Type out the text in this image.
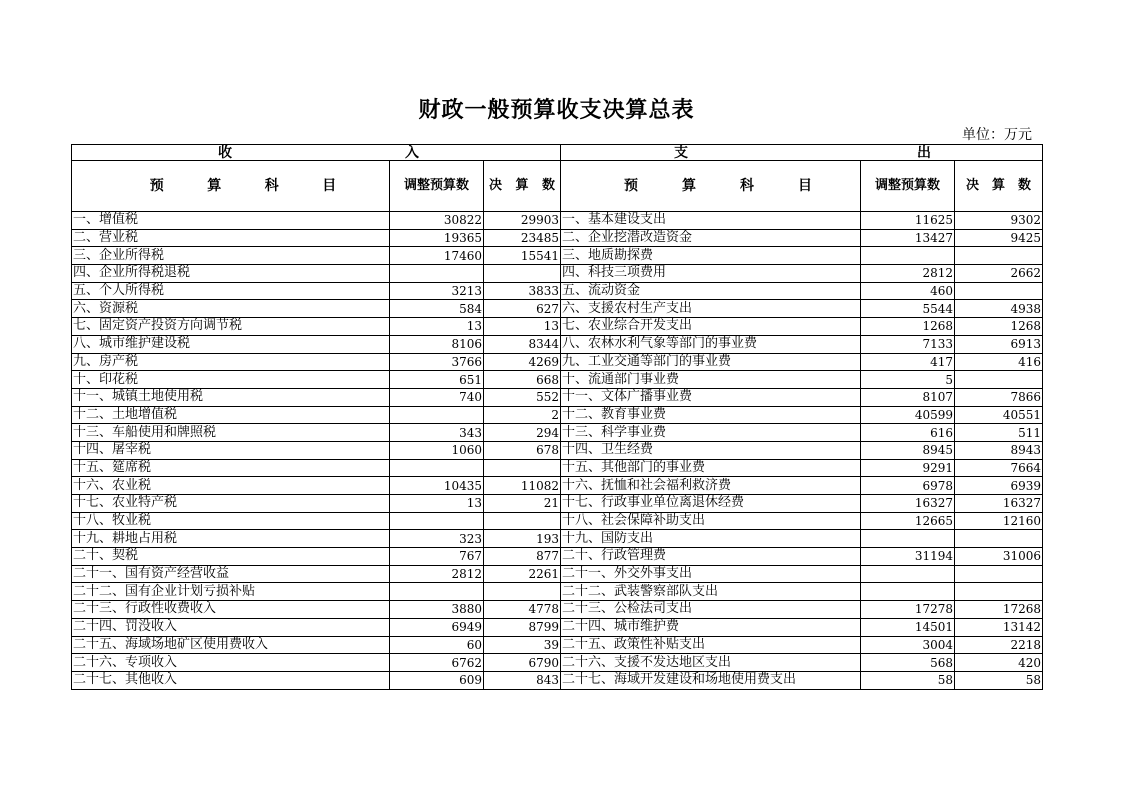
财政一般预算收支决算总表
单位：万元
收 入			支 出		

预 算 科 目	调整预算数	决 算 数	预 算 科 目	调整预算数	决 算 数

一、增值税	30822	29903	一、基本建设支出	11625	9302
二、营业税	19365	23485	二、企业挖潜改造资金	13427	9425
三、企业所得税	17460	15541	三、地质勘探费		
四、企业所得税退税			四、科技三项费用	2812	2662
五、个人所得税	3213	3833	五、流动资金	460	
六、资源税	584	627	六、支援农村生产支出	5544	4938
七、固定资产投资方向调节税	13	13	七、农业综合开发支出	1268	1268
八、城市维护建设税	8106	8344	八、农林水利气象等部门的事业费	7133	6913
九、房产税	3766	4269	九、工业交通等部门的事业费	417	416
十、印花税	651	668	十、流通部门事业费	5	
十一、城镇土地使用税	740	552	十一、文体广播事业费	8107	7866
十二、土地增值税		2	十二、教育事业费	40599	40551
十三、车船使用和牌照税	343	294	十三、科学事业费	616	511
十四、屠宰税	1060	678	十四、卫生经费	8945	8943
十五、筵席税			十五、其他部门的事业费	9291	7664
十六、农业税	10435	11082	十六、抚恤和社会福利救济费	6978	6939
十七、农业特产税	13	21	十七、行政事业单位离退休经费	16327	16327
十八、牧业税			十八、社会保障补助支出	12665	12160
十九、耕地占用税	323	193	十九、国防支出		
二十、契税	767	877	二十、行政管理费	31194	31006
二十一、国有资产经营收益	2812	2261	二十一、外交外事支出		
二十二、国有企业计划亏损补贴			二十二、武装警察部队支出		
二十三、行政性收费收入	3880	4778	二十三、公检法司支出	17278	17268
二十四、罚没收入	6949	8799	二十四、城市维护费	14501	13142
二十五、海域场地矿区使用费收入	60	39	二十五、政策性补贴支出	3004	2218
二十六、专项收入	6762	6790	二十六、支援不发达地区支出	568	420
二十七、其他收入	609	843	二十七、海域开发建设和场地使用费支出	58	58
